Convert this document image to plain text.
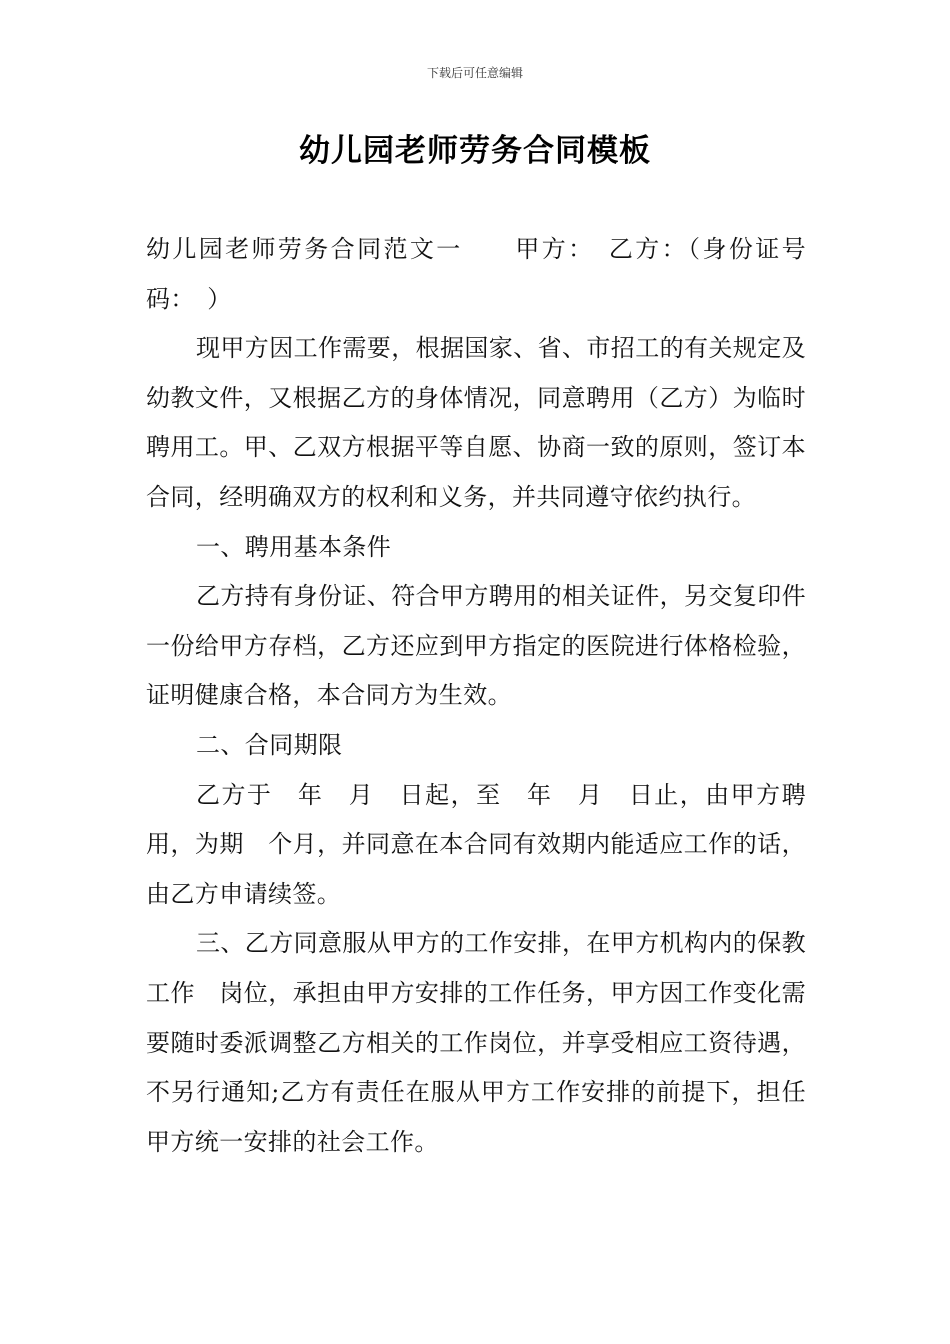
下载后可任意编辑
幼儿园老师劳务合同模板

幼儿园老师劳务合同范文一　　甲方：　乙方：（身份证号码：　）

现甲方因工作需要，根据国家、省、市招工的有关规定及幼教文件，又根据乙方的身体情况，同意聘用（乙方）为临时聘用工。甲、乙双方根据平等自愿、协商一致的原则，签订本合同，经明确双方的权利和义务，并共同遵守依约执行。

一、聘用基本条件

乙方持有身份证、符合甲方聘用的相关证件，另交复印件一份给甲方存档，乙方还应到甲方指定的医院进行体格检验，证明健康合格，本合同方为生效。

二、合同期限

乙方于　年　月　日起，至　年　月　日止，由甲方聘用，为期　个月，并同意在本合同有效期内能适应工作的话，由乙方申请续签。

三、乙方同意服从甲方的工作安排，在甲方机构内的保教工作　岗位，承担由甲方安排的工作任务，甲方因工作变化需要随时委派调整乙方相关的工作岗位，并享受相应工资待遇，不另行通知;乙方有责任在服从甲方工作安排的前提下，担任甲方统一安排的社会工作。
